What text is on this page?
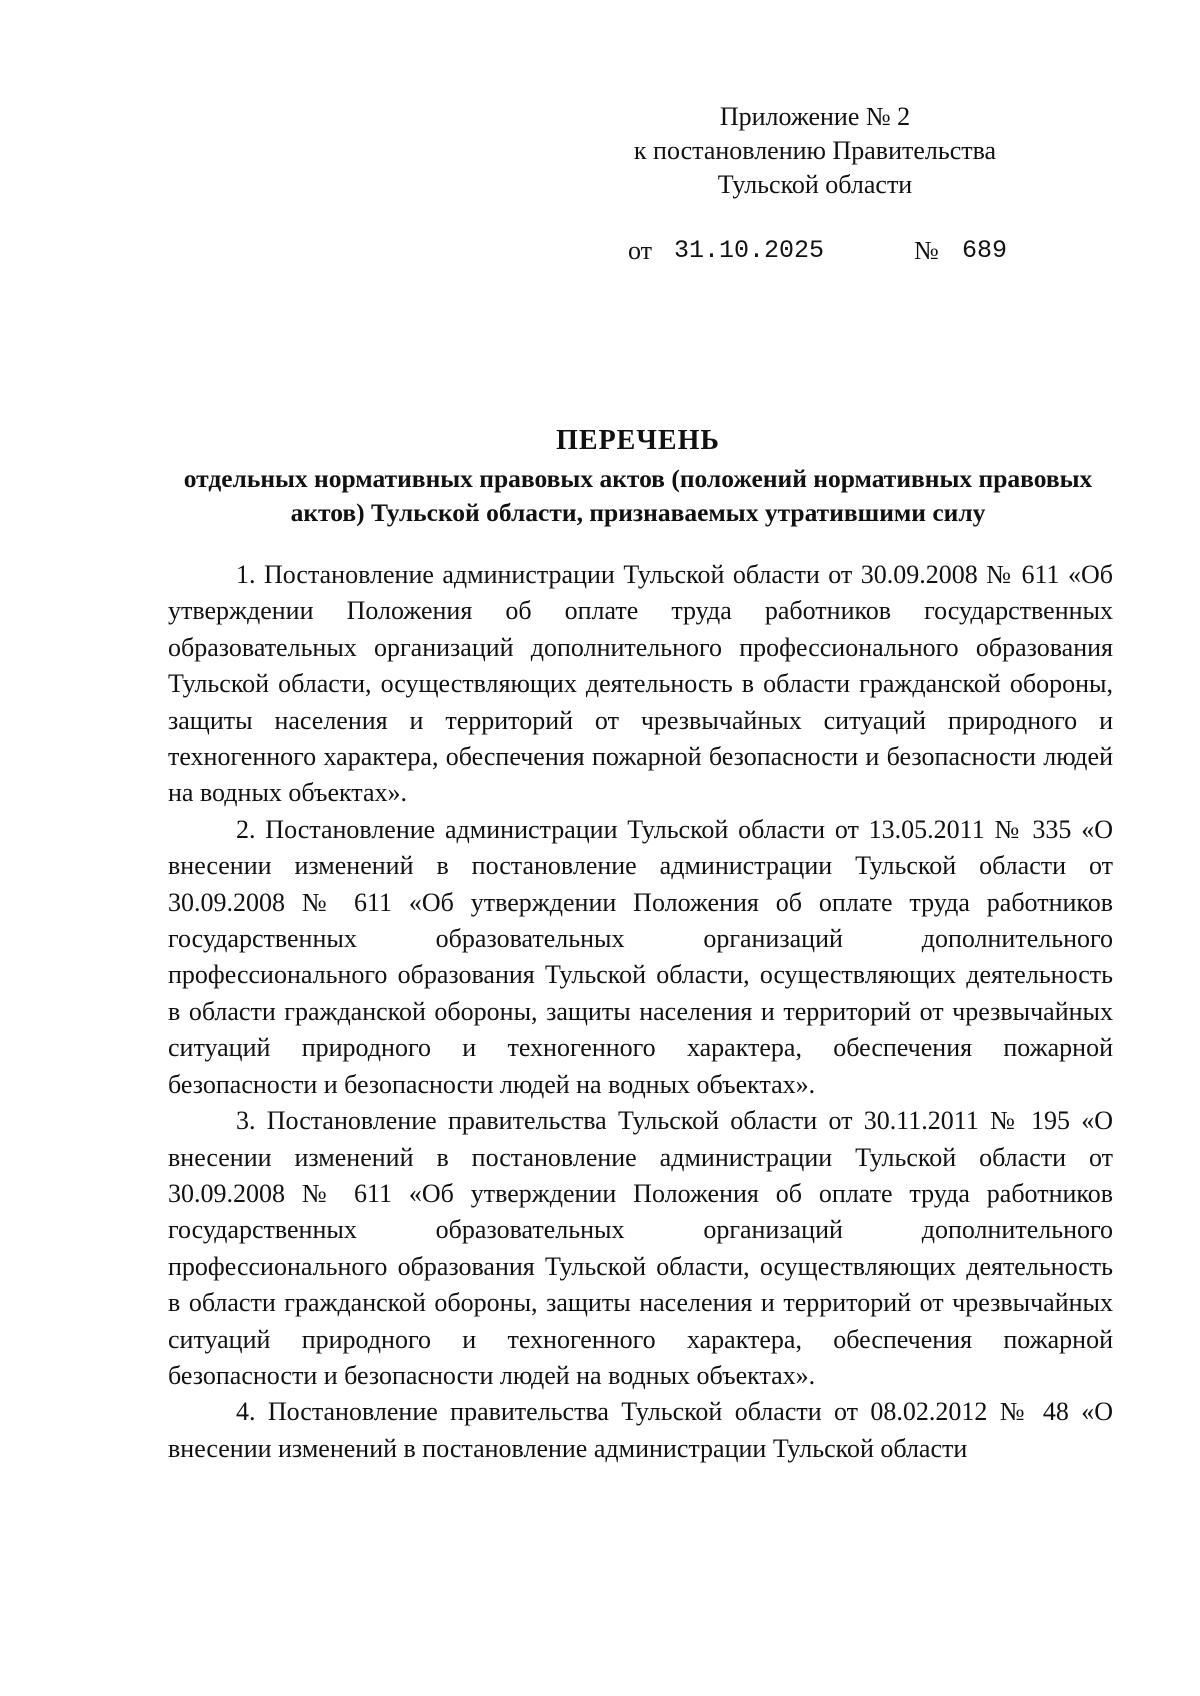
Приложение № 2
к постановлению Правительства
Тульской области
от 31.10.2025	№ 689
ПЕРЕЧЕНЬ
отдельных нормативных правовых актов (положений нормативных правовых актов) Тульской области, признаваемых утратившими силу

1. Постановление администрации Тульской области от 30.09.2008 № 611 «Об утверждении Положения об оплате труда работников государственных образовательных организаций дополнительного профессионального образования Тульской области, осуществляющих деятельность в области гражданской обороны, защиты населения и территорий от чрезвычайных ситуаций природного и техногенного характера, обеспечения пожарной безопасности и безопасности людей на водных объектах».

2. Постановление администрации Тульской области от 13.05.2011 № 335 «О внесении изменений в постановление администрации Тульской области от 30.09.2008 № 611 «Об утверждении Положения об оплате труда работников государственных образовательных организаций дополнительного профессионального образования Тульской области, осуществляющих деятельность в области гражданской обороны, защиты населения и территорий от чрезвычайных ситуаций природного и техногенного характера, обеспечения пожарной безопасности и безопасности людей на водных объектах».

3. Постановление правительства Тульской области от 30.11.2011 № 195 «О внесении изменений в постановление администрации Тульской области от 30.09.2008 № 611 «Об утверждении Положения об оплате труда работников государственных образовательных организаций дополнительного профессионального образования Тульской области, осуществляющих деятельность в области гражданской обороны, защиты населения и территорий от чрезвычайных ситуаций природного и техногенного характера, обеспечения пожарной безопасности и безопасности людей на водных объектах».

4. Постановление правительства Тульской области от 08.02.2012 № 48 «О внесении изменений в постановление администрации Тульской области
